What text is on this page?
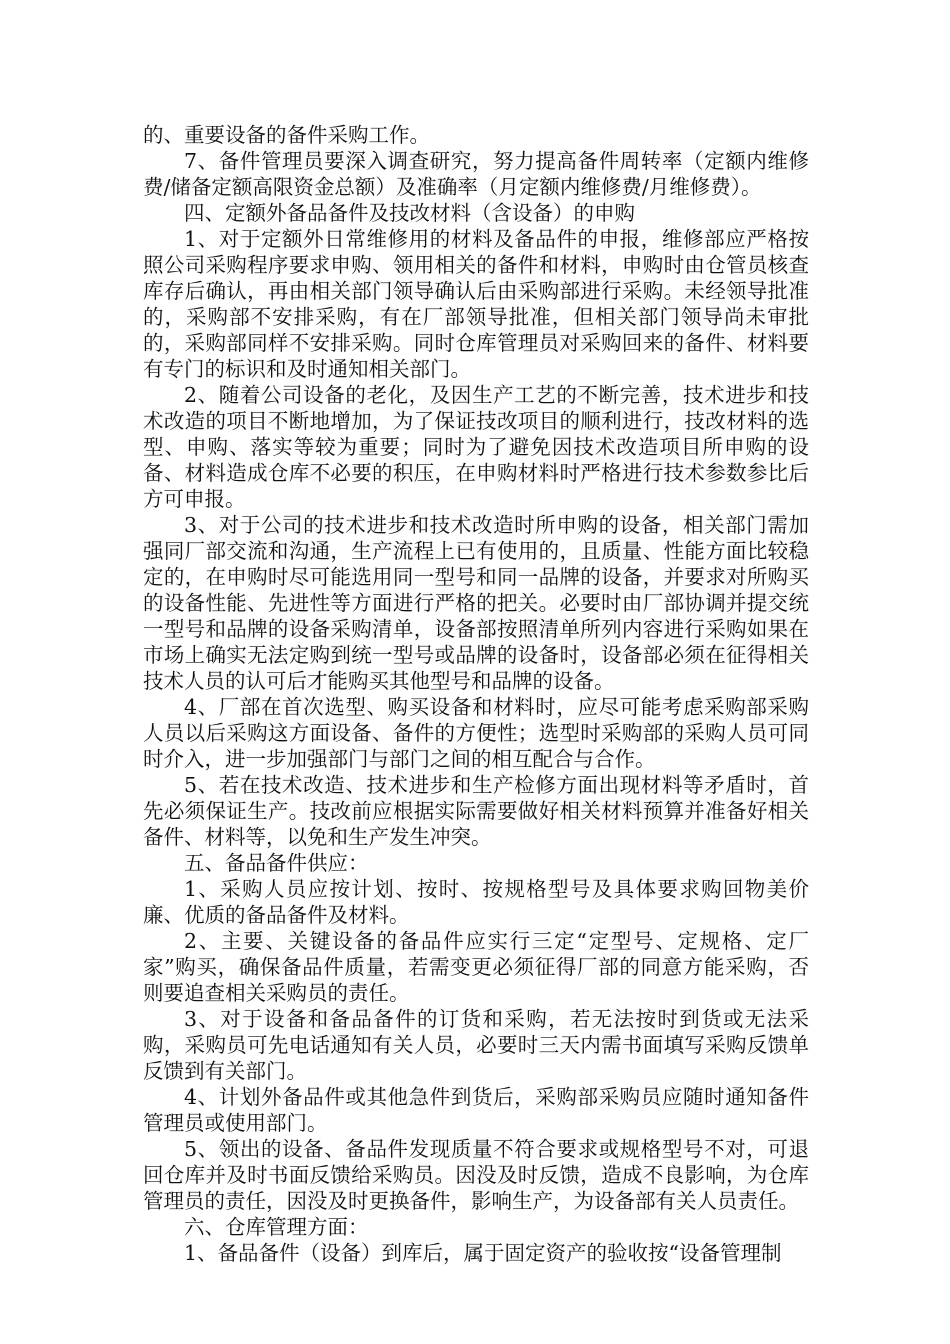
的、重要设备的备件采购工作。

7、备件管理员要深入调查研究，努力提高备件周转率（定额内维修费/储备定额高限资金总额）及准确率（月定额内维修费/月维修费）。

四、定额外备品备件及技改材料（含设备）的申购

1、对于定额外日常维修用的材料及备品件的申报，维修部应严格按照公司采购程序要求申购、领用相关的备件和材料，申购时由仓管员核查库存后确认，再由相关部门领导确认后由采购部进行采购。未经领导批准的，采购部不安排采购，有在厂部领导批准，但相关部门领导尚未审批的，采购部同样不安排采购。同时仓库管理员对采购回来的备件、材料要有专门的标识和及时通知相关部门。

2、随着公司设备的老化，及因生产工艺的不断完善，技术进步和技术改造的项目不断地增加，为了保证技改项目的顺利进行，技改材料的选型、申购、落实等较为重要；同时为了避免因技术改造项目所申购的设备、材料造成仓库不必要的积压，在申购材料时严格进行技术参数参比后方可申报。

3、对于公司的技术进步和技术改造时所申购的设备，相关部门需加强同厂部交流和沟通，生产流程上已有使用的，且质量、性能方面比较稳定的，在申购时尽可能选用同一型号和同一品牌的设备，并要求对所购买的设备性能、先进性等方面进行严格的把关。必要时由厂部协调并提交统一型号和品牌的设备采购清单，设备部按照清单所列内容进行采购如果在市场上确实无法定购到统一型号或品牌的设备时，设备部必须在征得相关技术人员的认可后才能购买其他型号和品牌的设备。

4、厂部在首次选型、购买设备和材料时，应尽可能考虑采购部采购人员以后采购这方面设备、备件的方便性；选型时采购部的采购人员可同时介入，进一步加强部门与部门之间的相互配合与合作。

5、若在技术改造、技术进步和生产检修方面出现材料等矛盾时，首先必须保证生产。技改前应根据实际需要做好相关材料预算并准备好相关备件、材料等，以免和生产发生冲突。

五、备品备件供应：

1、采购人员应按计划、按时、按规格型号及具体要求购回物美价廉、优质的备品备件及材料。

2、主要、关键设备的备品件应实行三定“定型号、定规格、定厂家”购买，确保备品件质量，若需变更必须征得厂部的同意方能采购，否则要追查相关采购员的责任。

3、对于设备和备品备件的订货和采购，若无法按时到货或无法采购，采购员可先电话通知有关人员，必要时三天内需书面填写采购反馈单反馈到有关部门。

4、计划外备品件或其他急件到货后，采购部采购员应随时通知备件管理员或使用部门。

5、领出的设备、备品件发现质量不符合要求或规格型号不对，可退回仓库并及时书面反馈给采购员。因没及时反馈，造成不良影响，为仓库管理员的责任，因没及时更换备件，影响生产，为设备部有关人员责任。

六、仓库管理方面：

1、备品备件（设备）到库后，属于固定资产的验收按“设备管理制
